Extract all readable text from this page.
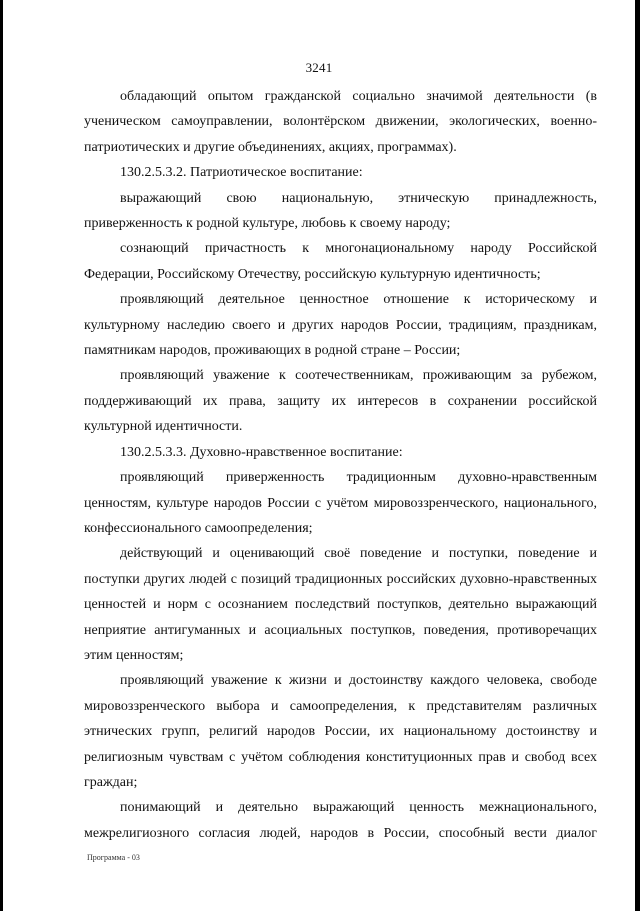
3241

обладающий опытом гражданской социально значимой деятельности (в ученическом самоуправлении, волонтёрском движении, экологических, военно-патриотических и другие объединениях, акциях, программах).

130.2.5.3.2. Патриотическое воспитание:

выражающий свою национальную, этническую принадлежность, приверженность к родной культуре, любовь к своему народу;

сознающий причастность к многонациональному народу Российской Федерации, Российскому Отечеству, российскую культурную идентичность;

проявляющий деятельное ценностное отношение к историческому и культурному наследию своего и других народов России, традициям, праздникам, памятникам народов, проживающих в родной стране – России;

проявляющий уважение к соотечественникам, проживающим за рубежом, поддерживающий их права, защиту их интересов в сохранении российской культурной идентичности.

130.2.5.3.3. Духовно-нравственное воспитание:

проявляющий приверженность традиционным духовно-нравственным ценностям, культуре народов России с учётом мировоззренческого, национального, конфессионального самоопределения;

действующий и оценивающий своё поведение и поступки, поведение и поступки других людей с позиций традиционных российских духовно-нравственных ценностей и норм с осознанием последствий поступков, деятельно выражающий неприятие антигуманных и асоциальных поступков, поведения, противоречащих этим ценностям;

проявляющий уважение к жизни и достоинству каждого человека, свободе мировоззренческого выбора и самоопределения, к представителям различных этнических групп, религий народов России, их национальному достоинству и религиозным чувствам с учётом соблюдения конституционных прав и свобод всех граждан;

понимающий и деятельно выражающий ценность межнационального, межрелигиозного согласия людей, народов в России, способный вести диалог

Программа - 03
